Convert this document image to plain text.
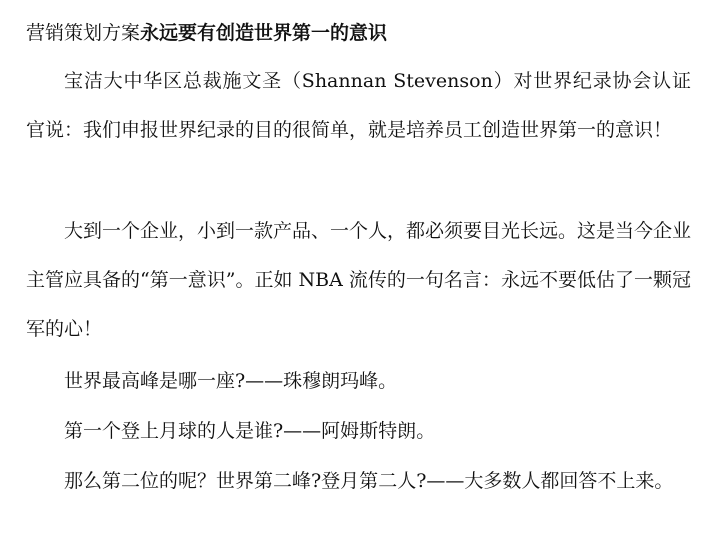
营销策划方案永远要有创造世界第一的意识

宝洁大中华区总裁施文圣（Shannan Stevenson）对世界纪录协会认证官说：我们申报世界纪录的目的很简单，就是培养员工创造世界第一的意识！

大到一个企业，小到一款产品、一个人，都必须要目光长远。这是当今企业主管应具备的“第一意识”。正如 NBA 流传的一句名言：永远不要低估了一颗冠军的心！

世界最高峰是哪一座?——珠穆朗玛峰。

第一个登上月球的人是谁?——阿姆斯特朗。

那么第二位的呢？世界第二峰?登月第二人?——大多数人都回答不上来。
